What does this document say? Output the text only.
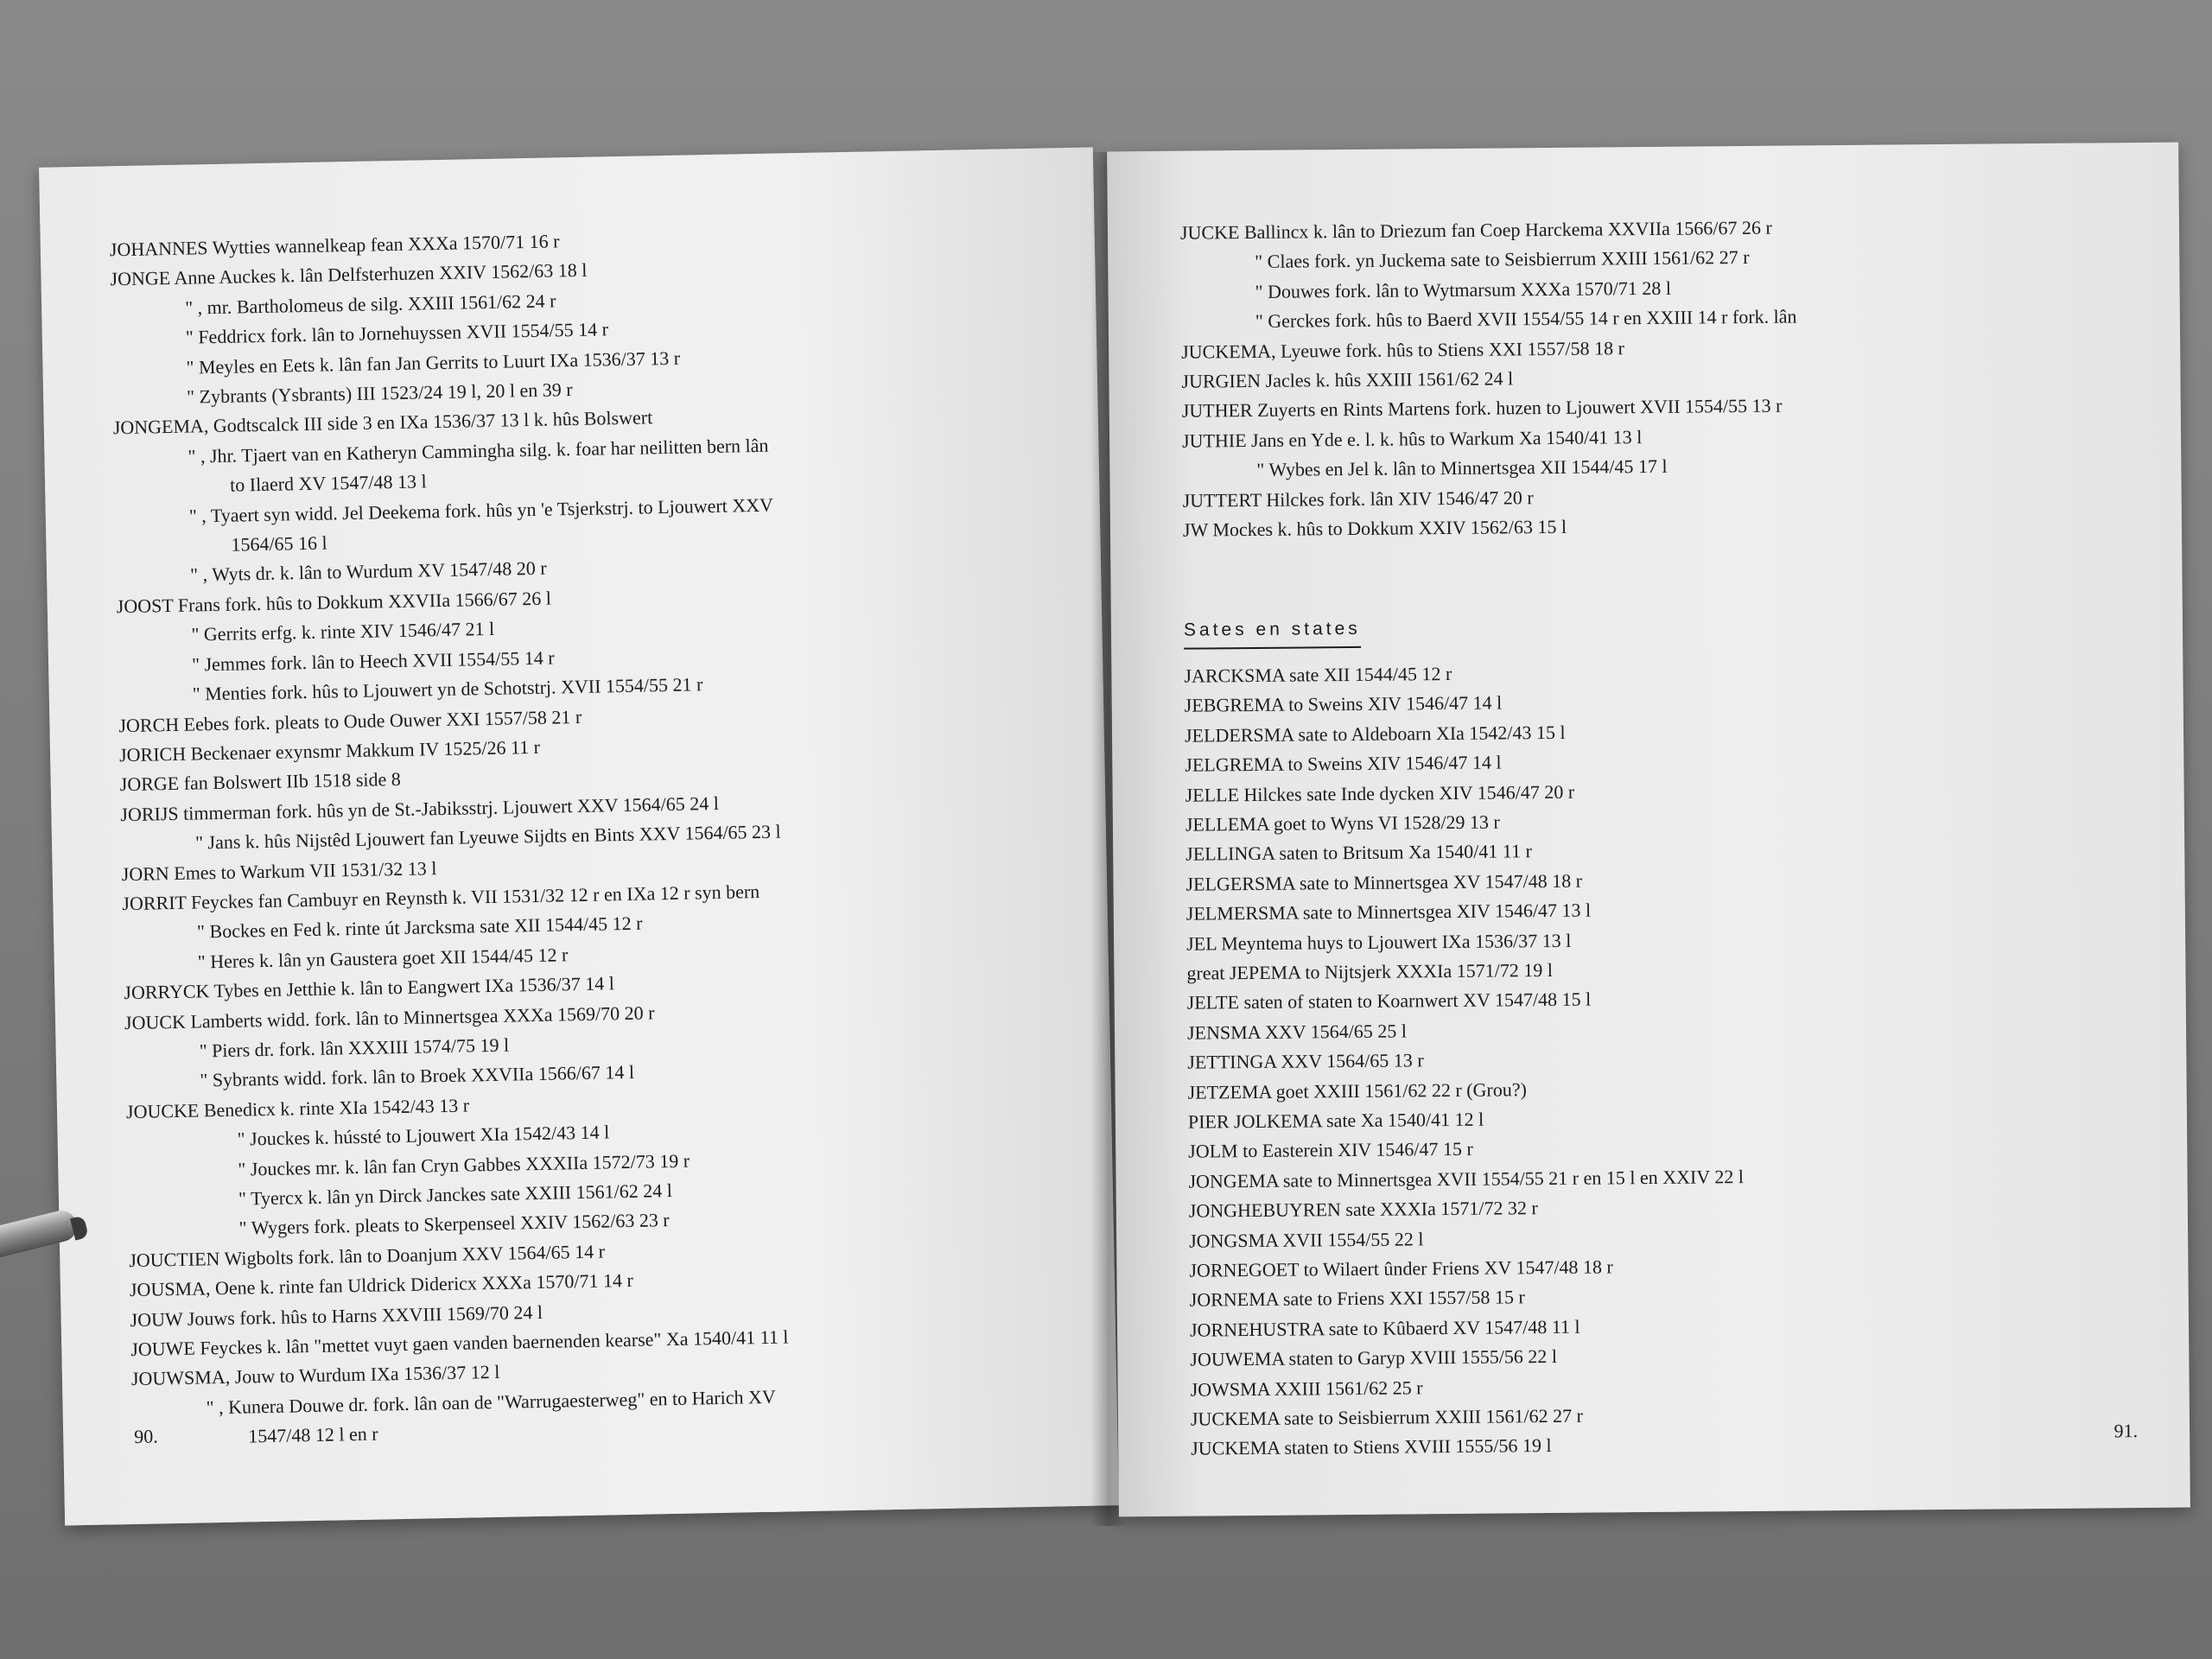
JOHANNES Wytties wannelkeap fean XXXa 1570/71 16 r
JONGE Anne Auckes k. lân Delfsterhuzen XXIV 1562/63 18 l
" , mr. Bartholomeus de silg. XXIII 1561/62 24 r
" Feddricx fork. lân to Jornehuyssen XVII 1554/55 14 r
" Meyles en Eets k. lân fan Jan Gerrits to Luurt IXa 1536/37 13 r
" Zybrants (Ysbrants) III 1523/24 19 l, 20 l en 39 r
JONGEMA, Godtscalck III side 3 en IXa 1536/37 13 l k. hûs Bolswert
" , Jhr. Tjaert van en Katheryn Cammingha silg. k. foar har neilitten bern lân
to Ilaerd XV 1547/48 13 l
" , Tyaert syn widd. Jel Deekema fork. hûs yn 'e Tsjerkstrj. to Ljouwert XXV
1564/65 16 l
" , Wyts dr. k. lân to Wurdum XV 1547/48 20 r
JOOST Frans fork. hûs to Dokkum XXVIIa 1566/67 26 l
" Gerrits erfg. k. rinte XIV 1546/47 21 l
" Jemmes fork. lân to Heech XVII 1554/55 14 r
" Menties fork. hûs to Ljouwert yn de Schotstrj. XVII 1554/55 21 r
JORCH Eebes fork. pleats to Oude Ouwer XXI 1557/58 21 r
JORICH Beckenaer exynsmr Makkum IV 1525/26 11 r
JORGE fan Bolswert IIb 1518 side 8
JORIJS timmerman fork. hûs yn de St.-Jabiksstrj. Ljouwert XXV 1564/65 24 l
" Jans k. hûs Nijstêd Ljouwert fan Lyeuwe Sijdts en Bints XXV 1564/65 23 l
JORN Emes to Warkum VII 1531/32 13 l
JORRIT Feyckes fan Cambuyr en Reynsth k. VII 1531/32 12 r en IXa 12 r syn bern
" Bockes en Fed k. rinte út Jarcksma sate XII 1544/45 12 r
" Heres k. lân yn Gaustera goet XII 1544/45 12 r
JORRYCK Tybes en Jetthie k. lân to Eangwert IXa 1536/37 14 l
JOUCK Lamberts widd. fork. lân to Minnertsgea XXXa 1569/70 20 r
" Piers dr. fork. lân XXXIII 1574/75 19 l
" Sybrants widd. fork. lân to Broek XXVIIa 1566/67 14 l
JOUCKE Benedicx k. rinte XIa 1542/43 13 r
" Jouckes k. hússté to Ljouwert XIa 1542/43 14 l
" Jouckes mr. k. lân fan Cryn Gabbes XXXIIa 1572/73 19 r
" Tyercx k. lân yn Dirck Janckes sate XXIII 1561/62 24 l
" Wygers fork. pleats to Skerpenseel XXIV 1562/63 23 r
JOUCTIEN Wigbolts fork. lân to Doanjum XXV 1564/65 14 r
JOUSMA, Oene k. rinte fan Uldrick Didericx XXXa 1570/71 14 r
JOUW Jouws fork. hûs to Harns XXVIII 1569/70 24 l
JOUWE Feyckes k. lân "mettet vuyt gaen vanden baernenden kearse" Xa 1540/41 11 l
JOUWSMA, Jouw to Wurdum IXa 1536/37 12 l
" , Kunera Douwe dr. fork. lân oan de "Warrugaesterweg" en to Harich XV
1547/48 12 l en r
90.
JUCKE Ballincx k. lân to Driezum fan Coep Harckema XXVIIa 1566/67 26 r
" Claes fork. yn Juckema sate to Seisbierrum XXIII 1561/62 27 r
" Douwes fork. lân to Wytmarsum XXXa 1570/71 28 l
" Gerckes fork. hûs to Baerd XVII 1554/55 14 r en XXIII 14 r fork. lân
JUCKEMA, Lyeuwe fork. hûs to Stiens XXI 1557/58 18 r
JURGIEN Jacles k. hûs XXIII 1561/62 24 l
JUTHER Zuyerts en Rints Martens fork. huzen to Ljouwert XVII 1554/55 13 r
JUTHIE Jans en Yde e. l. k. hûs to Warkum Xa 1540/41 13 l
" Wybes en Jel k. lân to Minnertsgea XII 1544/45 17 l
JUTTERT Hilckes fork. lân XIV 1546/47 20 r
JW Mockes k. hûs to Dokkum XXIV 1562/63 15 l
Sates en states
JARCKSMA sate XII 1544/45 12 r
JEBGREMA to Sweins XIV 1546/47 14 l
JELDERSMA sate to Aldeboarn XIa 1542/43 15 l
JELGREMA to Sweins XIV 1546/47 14 l
JELLE Hilckes sate Inde dycken XIV 1546/47 20 r
JELLEMA goet to Wyns VI 1528/29 13 r
JELLINGA saten to Britsum Xa 1540/41 11 r
JELGERSMA sate to Minnertsgea XV 1547/48 18 r
JELMERSMA sate to Minnertsgea XIV 1546/47 13 l
JEL Meyntema huys to Ljouwert IXa 1536/37 13 l
great JEPEMA to Nijtsjerk XXXIa 1571/72 19 l
JELTE saten of staten to Koarnwert XV 1547/48 15 l
JENSMA XXV 1564/65 25 l
JETTINGA XXV 1564/65 13 r
JETZEMA goet XXIII 1561/62 22 r (Grou?)
PIER JOLKEMA sate Xa 1540/41 12 l
JOLM to Easterein XIV 1546/47 15 r
JONGEMA sate to Minnertsgea XVII 1554/55 21 r en 15 l en XXIV 22 l
JONGHEBUYREN sate XXXIa 1571/72 32 r
JONGSMA XVII 1554/55 22 l
JORNEGOET to Wilaert ûnder Friens XV 1547/48 18 r
JORNEMA sate to Friens XXI 1557/58 15 r
JORNEHUSTRA sate to Kûbaerd XV 1547/48 11 l
JOUWEMA staten to Garyp XVIII 1555/56 22 l
JOWSMA XXIII 1561/62 25 r
JUCKEMA sate to Seisbierrum XXIII 1561/62 27 r
JUCKEMA staten to Stiens XVIII 1555/56 19 l
91.
